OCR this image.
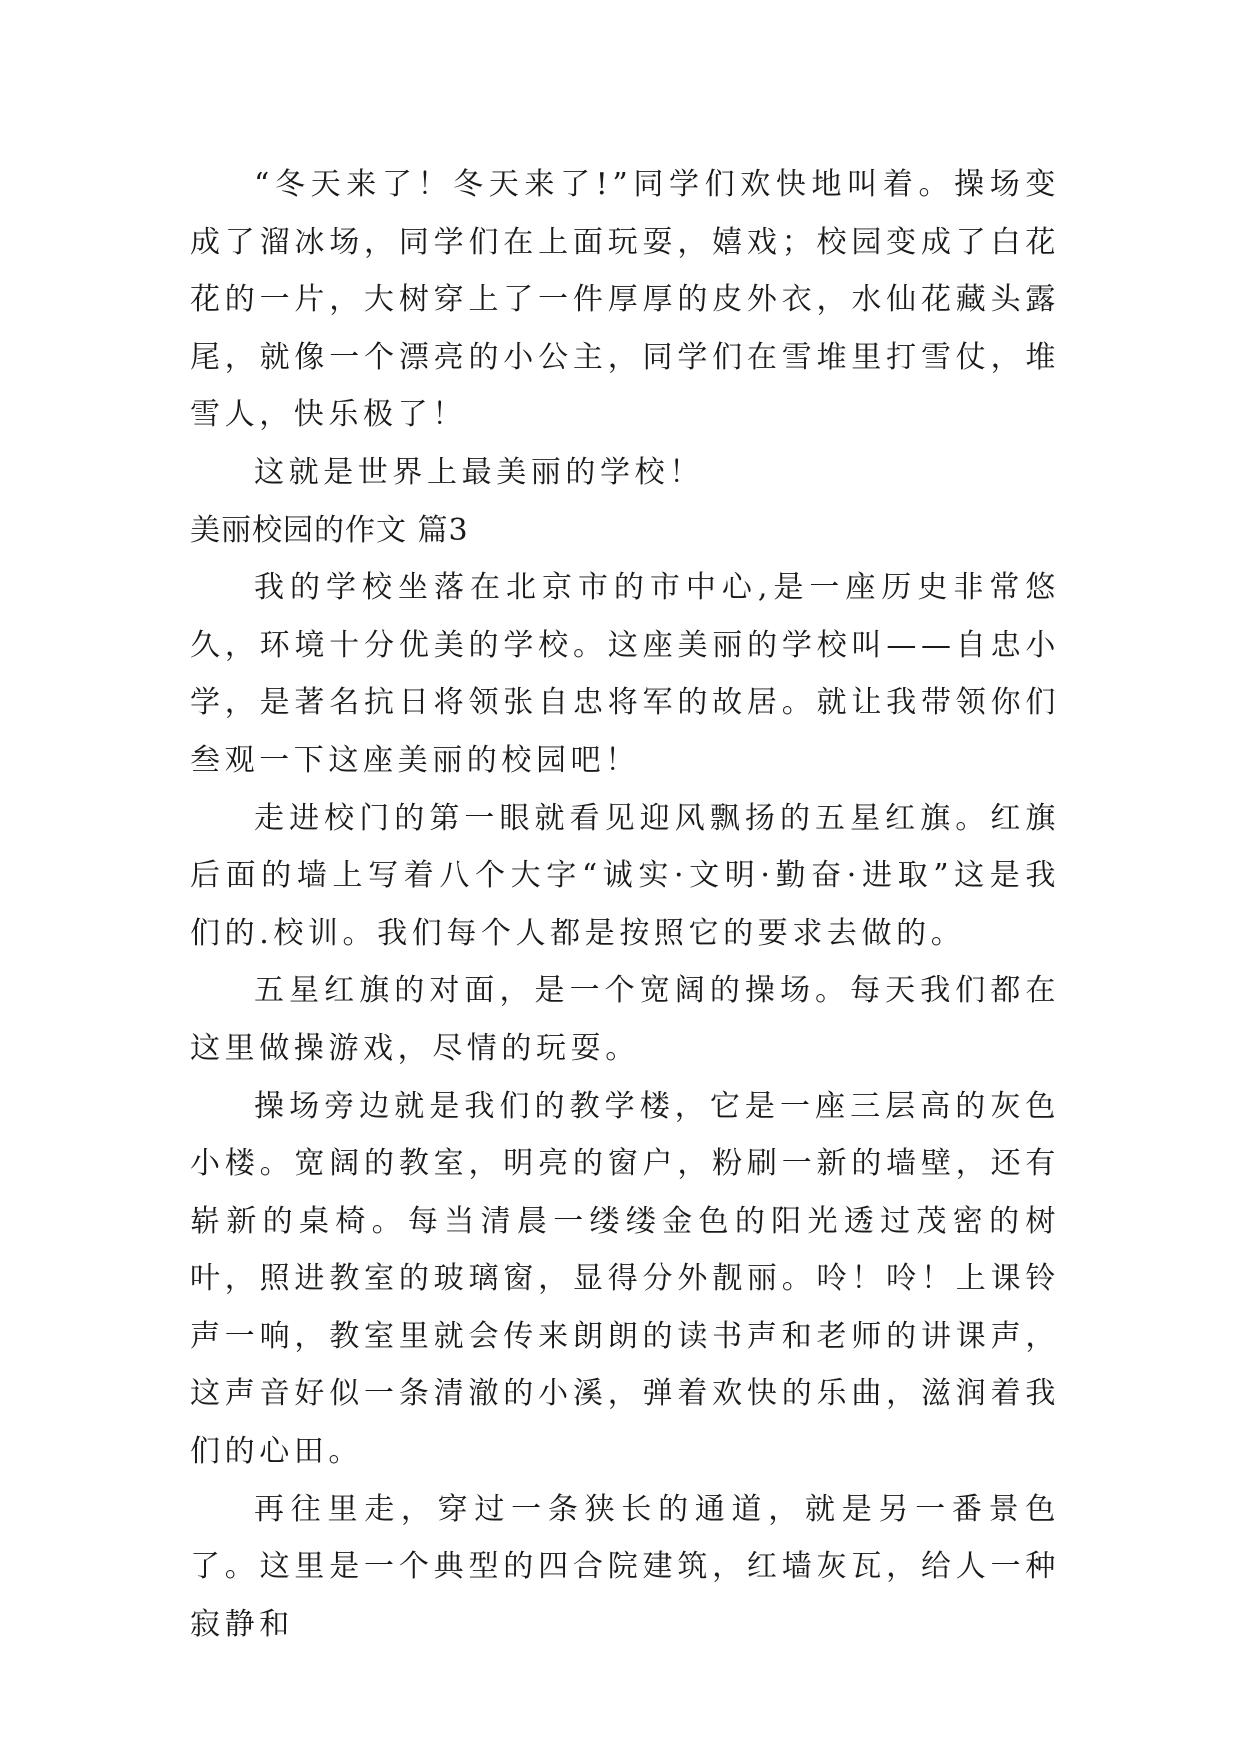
“冬天来了！冬天来了!”同学们欢快地叫着。操场变成了溜冰场，同学们在上面玩耍，嬉戏；校园变成了白花花的一片，大树穿上了一件厚厚的皮外衣，水仙花藏头露尾，就像一个漂亮的小公主，同学们在雪堆里打雪仗，堆雪人，快乐极了！

这就是世界上最美丽的学校！

美丽校园的作文 篇3

我的学校坐落在北京市的市中心,是一座历史非常悠久，环境十分优美的学校。这座美丽的学校叫——自忠小学，是著名抗日将领张自忠将军的故居。就让我带领你们叁观一下这座美丽的校园吧！

走进校门的第一眼就看见迎风飘扬的五星红旗。红旗后面的墙上写着八个大字“诚实·文明·勤奋·进取”这是我们的.校训。我们每个人都是按照它的要求去做的。

五星红旗的对面，是一个宽阔的操场。每天我们都在这里做操游戏，尽情的玩耍。

操场旁边就是我们的教学楼，它是一座三层高的灰色小楼。宽阔的教室，明亮的窗户，粉刷一新的墙壁，还有崭新的桌椅。每当清晨一缕缕金色的阳光透过茂密的树叶，照进教室的玻璃窗，显得分外靓丽。呤！呤！上课铃声一响，教室里就会传来朗朗的读书声和老师的讲课声，这声音好似一条清澈的小溪，弹着欢快的乐曲，滋润着我们的心田。

再往里走，穿过一条狭长的通道，就是另一番景色了。这里是一个典型的四合院建筑，红墙灰瓦，给人一种寂静和
